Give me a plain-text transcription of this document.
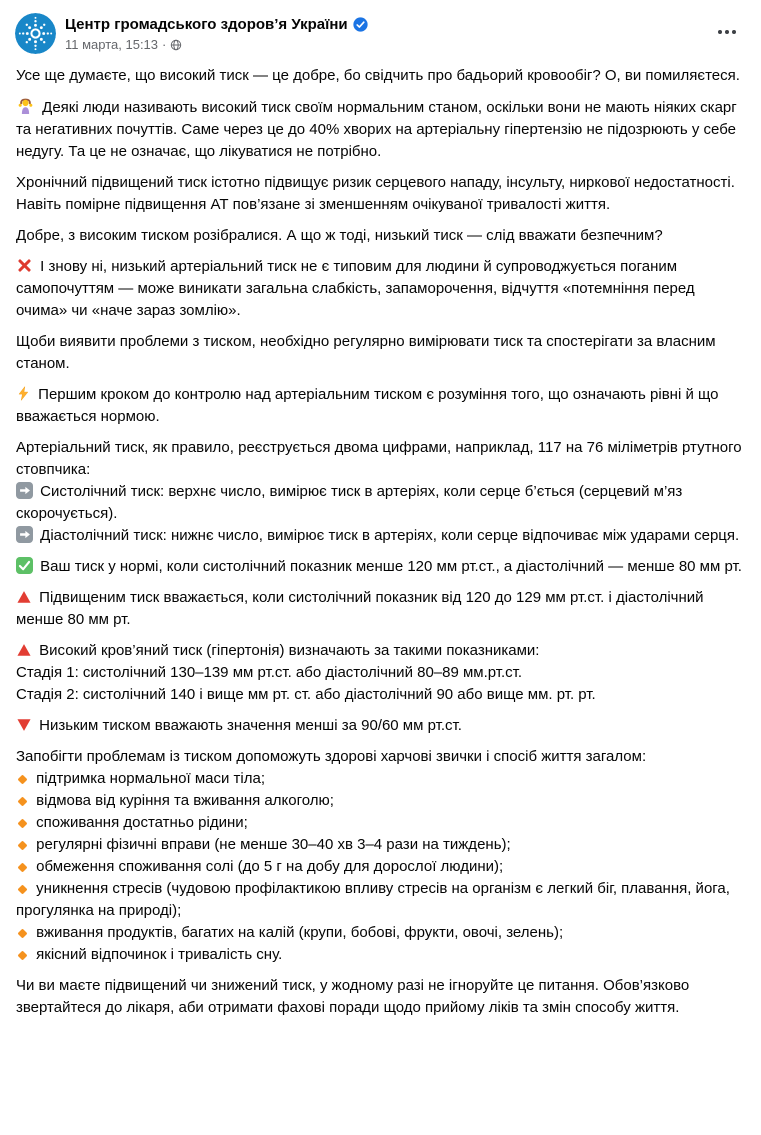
Центр громадського здоров’я України
11 марта, 15:13 ·

Усе ще думаєте, що високий тиск — це добре, бо свідчить про бадьорий кровообіг? О, ви помиляєтеся.

Деякі люди називають високий тиск своїм нормальним станом, оскільки вони не мають ніяких скарг та негативних почуттів. Саме через це до 40% хворих на артеріальну гіпертензію не підозрюють у себе недугу. Та це не означає, що лікуватися не потрібно.

Хронічний підвищений тиск істотно підвищує ризик серцевого нападу, інсульту, ниркової недостатності. Навіть помірне підвищення АТ пов’язане зі зменшенням очікуваної тривалості життя.

Добре, з високим тиском розібралися. А що ж тоді, низький тиск — слід вважати безпечним?

І знову ні, низький артеріальний тиск не є типовим для людини й супроводжується поганим самопочуттям — може виникати загальна слабкість, запаморочення, відчуття «потемніння перед очима» чи «наче зараз зомлію».

Щоби виявити проблеми з тиском, необхідно регулярно вимірювати тиск та спостерігати за власним станом.

Першим кроком до контролю над артеріальним тиском є розуміння того, що означають рівні й що вважається нормою.

Артеріальний тиск, як правило, реєструється двома цифрами, наприклад, 117 на 76 міліметрів ртутного стовпчика:
Систолічний тиск: верхнє число, вимірює тиск в артеріях, коли серце б’ється (серцевий м’яз скорочується).
Діастолічний тиск: нижнє число, вимірює тиск в артеріях, коли серце відпочиває між ударами серця.

Ваш тиск у нормі, коли систолічний показник менше 120 мм рт.ст., а діастолічний — менше 80 мм рт.

Підвищеним тиск вважається, коли систолічний показник від 120 до 129 мм рт.ст. і діастолічний менше 80 мм рт.

Високий кров’яний тиск (гіпертонія) визначають за такими показниками:
Стадія 1: систолічний 130–139 мм рт.ст. або діастолічний 80–89 мм.рт.ст.
Стадія 2: систолічний 140 і вище мм рт. ст. або діастолічний 90 або вище мм. рт. рт.

Низьким тиском вважають значення менші за 90/60 мм рт.ст.

Запобігти проблемам із тиском допоможуть здорові харчові звички і спосіб життя загалом:
підтримка нормальної маси тіла;
відмова від куріння та вживання алкоголю;
споживання достатньо рідини;
регулярні фізичні вправи (не менше 30–40 хв 3–4 рази на тиждень);
обмеження споживання солі (до 5 г на добу для дорослої людини);
уникнення стресів (чудовою профілактикою впливу стресів на організм є легкий біг, плавання, йога, прогулянка на природі);
вживання продуктів, багатих на калій (крупи, бобові, фрукти, овочі, зелень);
якісний відпочинок і тривалість сну.

Чи ви маєте підвищений чи знижений тиск, у жодному разі не ігноруйте це питання. Обов’язково звертайтеся до лікаря, аби отримати фахові поради щодо прийому ліків та змін способу життя.
